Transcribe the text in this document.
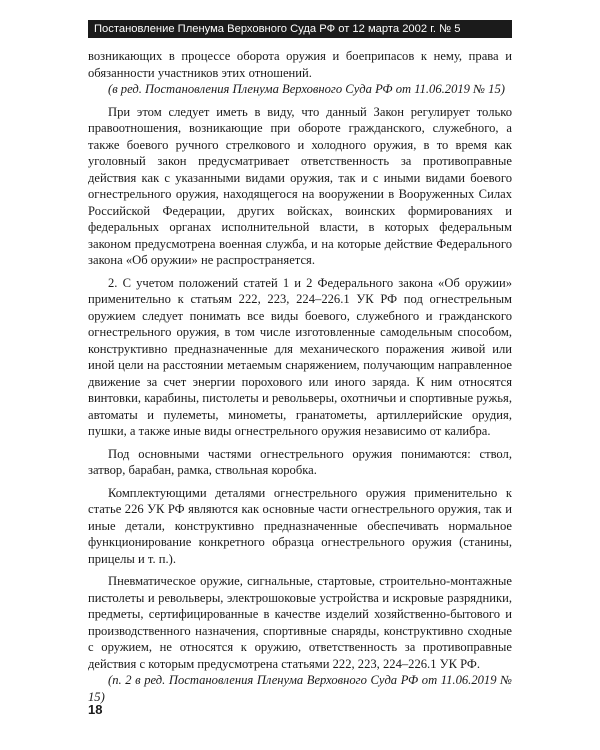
Постановление Пленума Верховного Суда РФ от 12 марта 2002 г. № 5

возникающих в процессе оборота оружия и боеприпасов к нему, права и обязанности участников этих отношений.

(в ред. Постановления Пленума Верховного Суда РФ от 11.06.2019 № 15)

При этом следует иметь в виду, что данный Закон регулирует только правоотношения, возникающие при обороте гражданского, служебного, а также боевого ручного стрелкового и холодного оружия, в то время как уголовный закон предусматривает ответственность за противоправные действия как с указанными видами оружия, так и с иными видами боевого огнестрельного оружия, находящегося на вооружении в Вооруженных Силах Российской Федерации, других войсках, воинских формированиях и федеральных органах исполнительной власти, в которых федеральным законом предусмотрена военная служба, и на которые действие Федерального закона «Об оружии» не распространяется.

2. С учетом положений статей 1 и 2 Федерального закона «Об оружии» применительно к статьям 222, 223, 224–226.1 УК РФ под огнестрельным оружием следует понимать все виды боевого, служебного и гражданского огнестрельного оружия, в том числе изготовленные самодельным способом, конструктивно предназначенные для механического поражения живой или иной цели на расстоянии метаемым снаряжением, получающим направленное движение за счет энергии порохового или иного заряда. К ним относятся винтовки, карабины, пистолеты и револьверы, охотничьи и спортивные ружья, автоматы и пулеметы, минометы, гранатометы, артиллерийские орудия, пушки, а также иные виды огнестрельного оружия независимо от калибра.

Под основными частями огнестрельного оружия понимаются: ствол, затвор, барабан, рамка, ствольная коробка.

Комплектующими деталями огнестрельного оружия применительно к статье 226 УК РФ являются как основные части огнестрельного оружия, так и иные детали, конструктивно предназначенные обеспечивать нормальное функционирование конкретного образца огнестрельного оружия (станины, прицелы и т. п.).

Пневматическое оружие, сигнальные, стартовые, строительно-монтажные пистолеты и револьверы, электрошоковые устройства и искровые разрядники, предметы, сертифицированные в качестве изделий хозяйственно-бытового и производственного назначения, спортивные снаряды, конструктивно сходные с оружием, не относятся к оружию, ответственность за противоправные действия с которым предусмотрена статьями 222, 223, 224–226.1 УК РФ.

(п. 2 в ред. Постановления Пленума Верховного Суда РФ от 11.06.2019 № 15)

18
